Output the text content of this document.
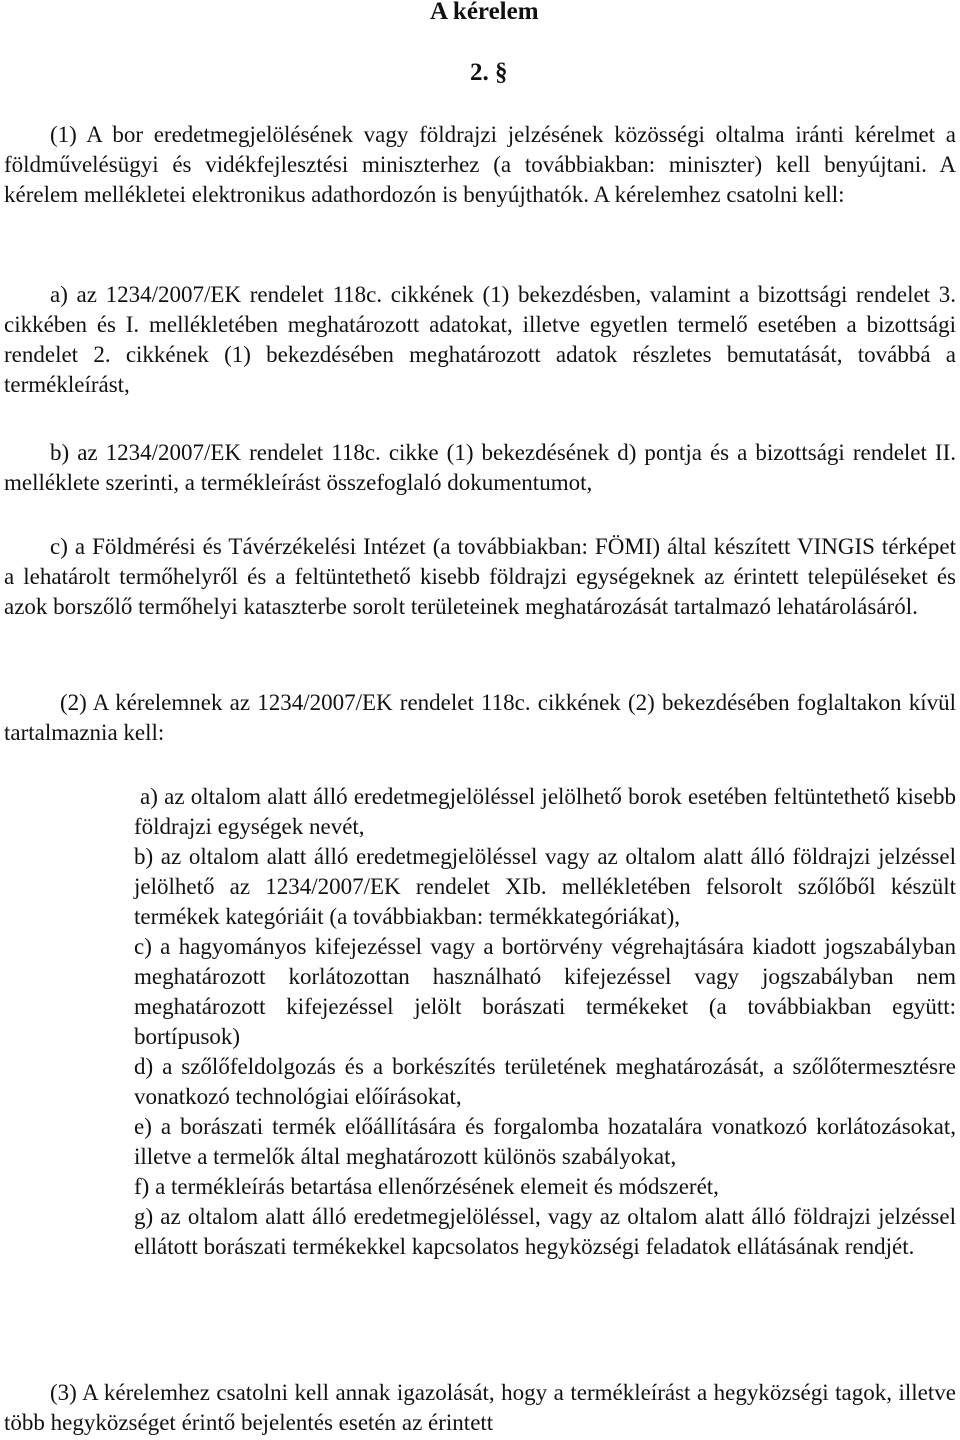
A kérelem
2. §

(1) A bor eredetmegjelölésének vagy földrajzi jelzésének közösségi oltalma iránti kérelmet a földművelésügyi és vidékfejlesztési miniszterhez (a továbbiakban: miniszter) kell benyújtani. A kérelem mellékletei elektronikus adathordozón is benyújthatók. A kérelemhez csatolni kell:

a) az 1234/2007/EK rendelet 118c. cikkének (1) bekezdésben, valamint a bizottsági rendelet 3. cikkében és I. mellékletében meghatározott adatokat, illetve egyetlen termelő esetében a bizottsági rendelet 2. cikkének (1) bekezdésében meghatározott adatok részletes bemutatását, továbbá a termékleírást,

b) az 1234/2007/EK rendelet 118c. cikke (1) bekezdésének d) pontja és a bizottsági rendelet II. melléklete szerinti, a termékleírást összefoglaló dokumentumot,

c) a Földmérési és Távérzékelési Intézet (a továbbiakban: FÖMI) által készített VINGIS térképet a lehatárolt termőhelyről és a feltüntethető kisebb földrajzi egységeknek az érintett településeket és azok borszőlő termőhelyi kataszterbe sorolt területeinek meghatározását tartalmazó lehatárolásáról.

(2) A kérelemnek az 1234/2007/EK rendelet 118c. cikkének (2) bekezdésében foglaltakon kívül tartalmaznia kell:

a) az oltalom alatt álló eredetmegjelöléssel jelölhető borok esetében feltüntethető kisebb földrajzi egységek nevét,

b) az oltalom alatt álló eredetmegjelöléssel vagy az oltalom alatt álló földrajzi jelzéssel jelölhető az 1234/2007/EK rendelet XIb. mellékletében felsorolt szőlőből készült termékek kategóriáit (a továbbiakban: termékkategóriákat),

c) a hagyományos kifejezéssel vagy a bortörvény végrehajtására kiadott jogszabályban meghatározott korlátozottan használható kifejezéssel vagy jogszabályban nem meghatározott kifejezéssel jelölt borászati termékeket (a továbbiakban együtt: bortípusok)

d) a szőlőfeldolgozás és a borkészítés területének meghatározását, a szőlőtermesztésre vonatkozó technológiai előírásokat,

e) a borászati termék előállítására és forgalomba hozatalára vonatkozó korlátozásokat, illetve a termelők által meghatározott különös szabályokat,

f) a termékleírás betartása ellenőrzésének elemeit és módszerét,

g) az oltalom alatt álló eredetmegjelöléssel, vagy az oltalom alatt álló földrajzi jelzéssel ellátott borászati termékekkel kapcsolatos hegyközségi feladatok ellátásának rendjét.

(3) A kérelemhez csatolni kell annak igazolását, hogy a termékleírást a hegyközségi tagok, illetve több hegyközséget érintő bejelentés esetén az érintett
